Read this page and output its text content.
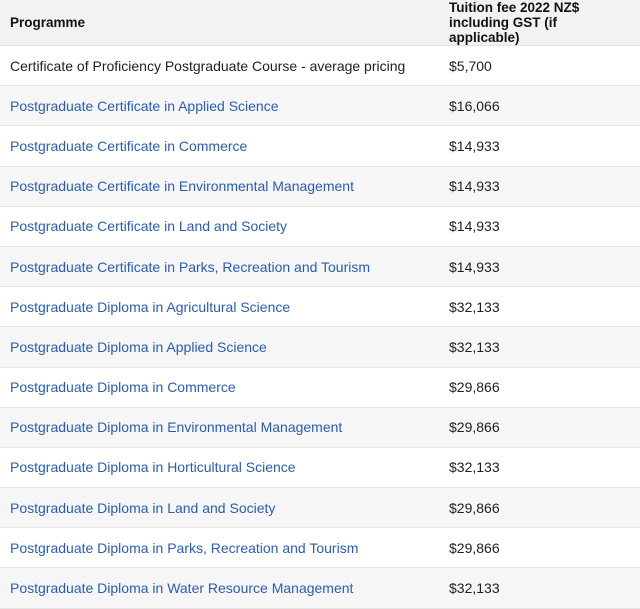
Programme	Tuition fee 2022 NZ$
including GST (if applicable)
Certificate of Proficiency Postgraduate Course - average pricing	$5,700
Postgraduate Certificate in Applied Science	$16,066
Postgraduate Certificate in Commerce	$14,933
Postgraduate Certificate in Environmental Management	$14,933
Postgraduate Certificate in Land and Society	$14,933
Postgraduate Certificate in Parks, Recreation and Tourism	$14,933
Postgraduate Diploma in Agricultural Science	$32,133
Postgraduate Diploma in Applied Science	$32,133
Postgraduate Diploma in Commerce	$29,866
Postgraduate Diploma in Environmental Management	$29,866
Postgraduate Diploma in Horticultural Science	$32,133
Postgraduate Diploma in Land and Society	$29,866
Postgraduate Diploma in Parks, Recreation and Tourism	$29,866
Postgraduate Diploma in Water Resource Management	$32,133
